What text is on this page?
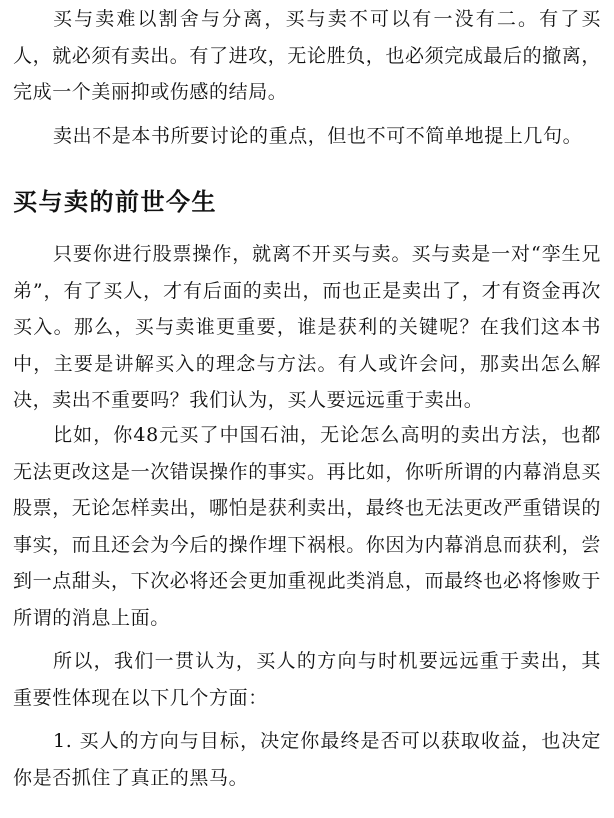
买与卖难以割舍与分离，买与卖不可以有一没有二。有了买人，就必须有卖出。有了进攻，无论胜负，也必须完成最后的撤离，完成一个美丽抑或伤感的结局。

卖出不是本书所要讨论的重点，但也不可不简单地提上几句。

买与卖的前世今生

只要你进行股票操作，就离不开买与卖。买与卖是一对“孪生兄弟”，有了买人，才有后面的卖出，而也正是卖出了，才有资金再次买入。那么，买与卖谁更重要，谁是获利的关键呢？在我们这本书中，主要是讲解买入的理念与方法。有人或许会问，那卖出怎么解决，卖出不重要吗？我们认为，买人要远远重于卖出。

比如，你48元买了中国石油，无论怎么高明的卖出方法，也都无法更改这是一次错误操作的事实。再比如，你听所谓的内幕消息买股票，无论怎样卖出，哪怕是获利卖出，最终也无法更改严重错误的事实，而且还会为今后的操作埋下祸根。你因为内幕消息而获利，尝到一点甜头，下次必将还会更加重视此类消息，而最终也必将惨败于所谓的消息上面。

所以，我们一贯认为，买人的方向与时机要远远重于卖出，其重要性体现在以下几个方面：

1. 买人的方向与目标，决定你最终是否可以获取收益，也决定你是否抓住了真正的黑马。
